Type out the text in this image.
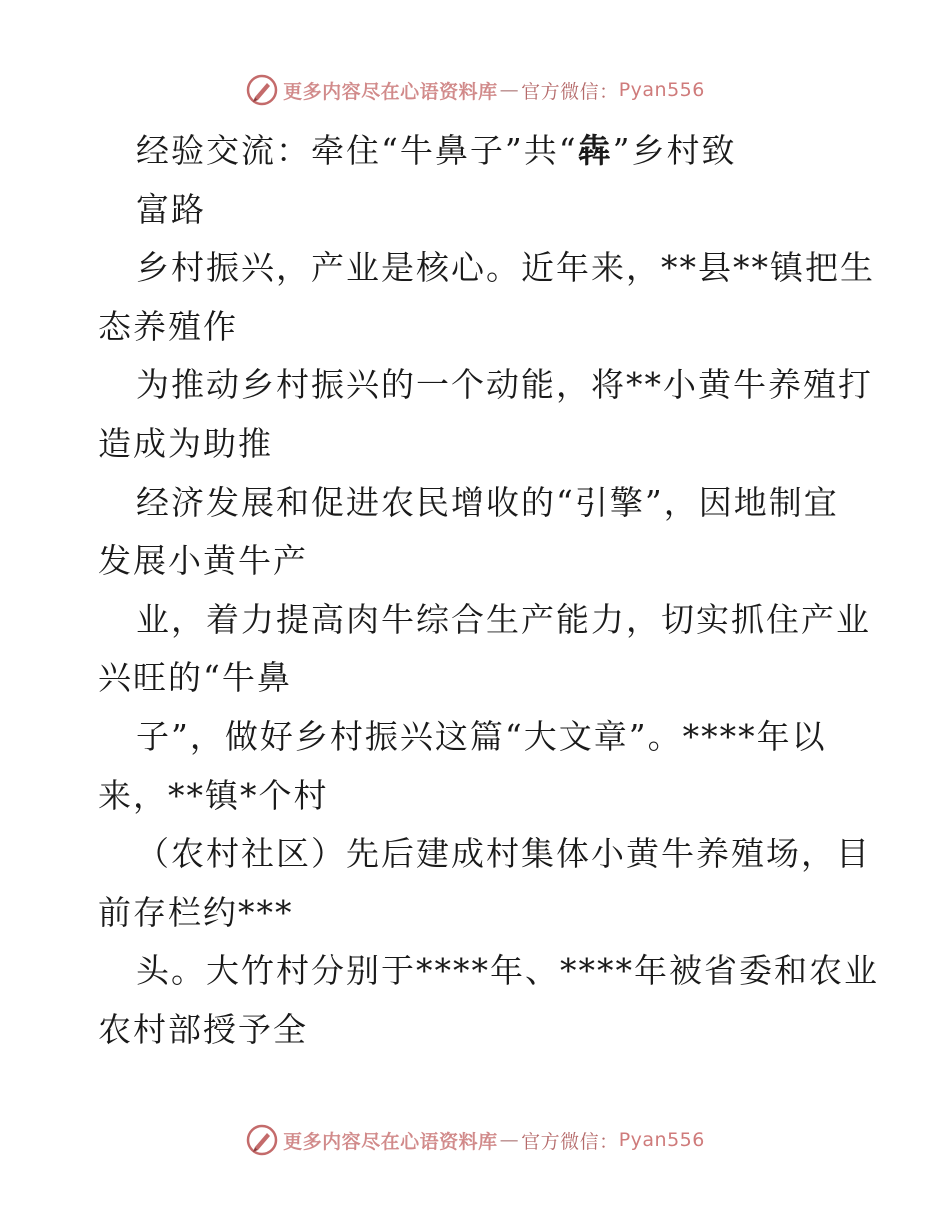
更多内容尽在心语资料库 — 官方微信： Pyan556
经验交流：牵住“牛鼻子”共“犇”乡村致
富路
乡村振兴，产业是核心。近年来，**县**镇把生
态养殖作
为推动乡村振兴的一个动能，将**小黄牛养殖打
造成为助推
经济发展和促进农民增收的“引擎”，因地制宜
发展小黄牛产
业，着力提高肉牛综合生产能力，切实抓住产业
兴旺的“牛鼻
子”，做好乡村振兴这篇“大文章”。****年以
来，**镇*个村
（农村社区）先后建成村集体小黄牛养殖场，目
前存栏约***
头。大竹村分别于****年、****年被省委和农业
农村部授予全
更多内容尽在心语资料库 — 官方微信： Pyan556
